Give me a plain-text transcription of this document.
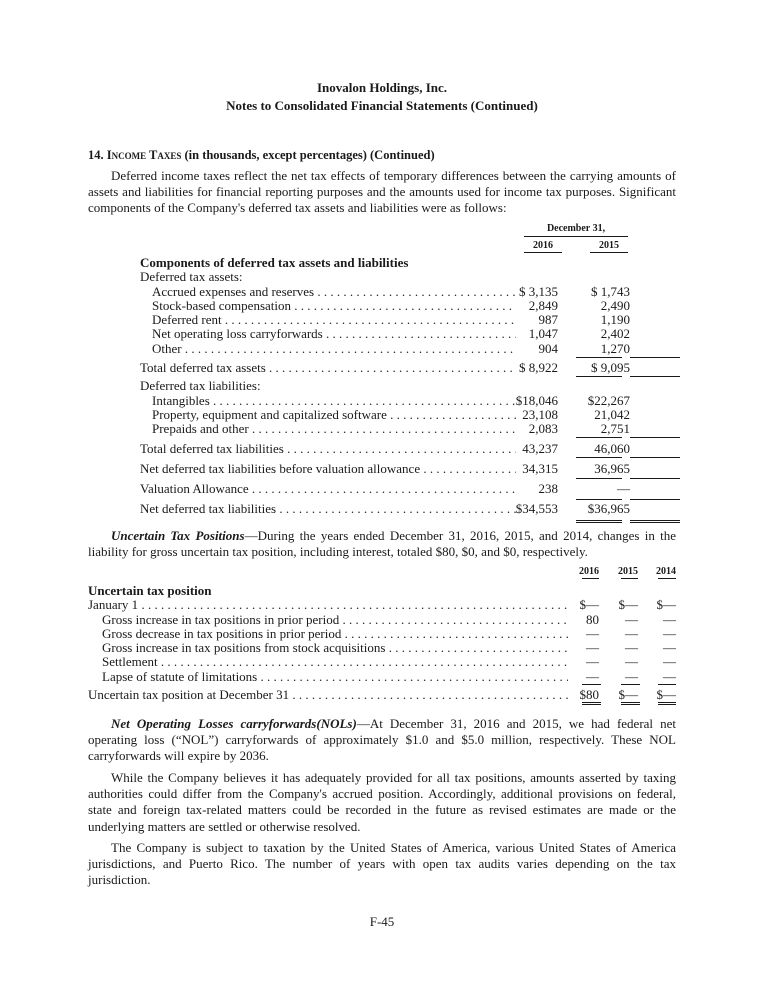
Inovalon Holdings, Inc.
Notes to Consolidated Financial Statements (Continued)
14. Income Taxes (in thousands, except percentages) (Continued)

Deferred income taxes reflect the net tax effects of temporary differences between the carrying amounts of assets and liabilities for financial reporting purposes and the amounts used for income tax purposes. Significant components of the Company's deferred tax assets and liabilities were as follows:

December 31,
2016	2015
Components of deferred tax assets and liabilities
Deferred tax assets:
Accrued expenses and reserves . . .	$ 3,135	$ 1,743
Stock-based compensation . . .	2,849	2,490
Deferred rent . . .	987	1,190
Net operating loss carryforwards . . .	1,047	2,402
Other . . .	904	1,270
Total deferred tax assets . . .	$ 8,922	$ 9,095
Deferred tax liabilities:
Intangibles . . .	$18,046	$22,267
Property, equipment and capitalized software . . .	23,108	21,042
Prepaids and other . . .	2,083	2,751
Total deferred tax liabilities . . .	43,237	46,060
Net deferred tax liabilities before valuation allowance . . .	34,315	36,965
Valuation Allowance . . .	238	—
Net deferred tax liabilities . . .	$34,553	$36,965

Uncertain Tax Positions—During the years ended December 31, 2016, 2015, and 2014, changes in the liability for gross uncertain tax position, including interest, totaled $80, $0, and $0, respectively.

2016	2015	2014
Uncertain tax position
January 1 . . .	$—	$—	$—
Gross increase in tax positions in prior period . . .	80	—	—
Gross decrease in tax positions in prior period . . .	—	—	—
Gross increase in tax positions from stock acquisitions . . .	—	—	—
Settlement . . .	—	—	—
Lapse of statute of limitations . . .	—	—	—
Uncertain tax position at December 31 . . .	$80	$—	$—

Net Operating Losses carryforwards(NOLs)—At December 31, 2016 and 2015, we had federal net operating loss (“NOL”) carryforwards of approximately $1.0 and $5.0 million, respectively. These NOL carryforwards will expire by 2036.

While the Company believes it has adequately provided for all tax positions, amounts asserted by taxing authorities could differ from the Company's accrued position. Accordingly, additional provisions on federal, state and foreign tax-related matters could be recorded in the future as revised estimates are made or the underlying matters are settled or otherwise resolved.

The Company is subject to taxation by the United States of America, various United States of America jurisdictions, and Puerto Rico. The number of years with open tax audits varies depending on the tax jurisdiction.

F-45
